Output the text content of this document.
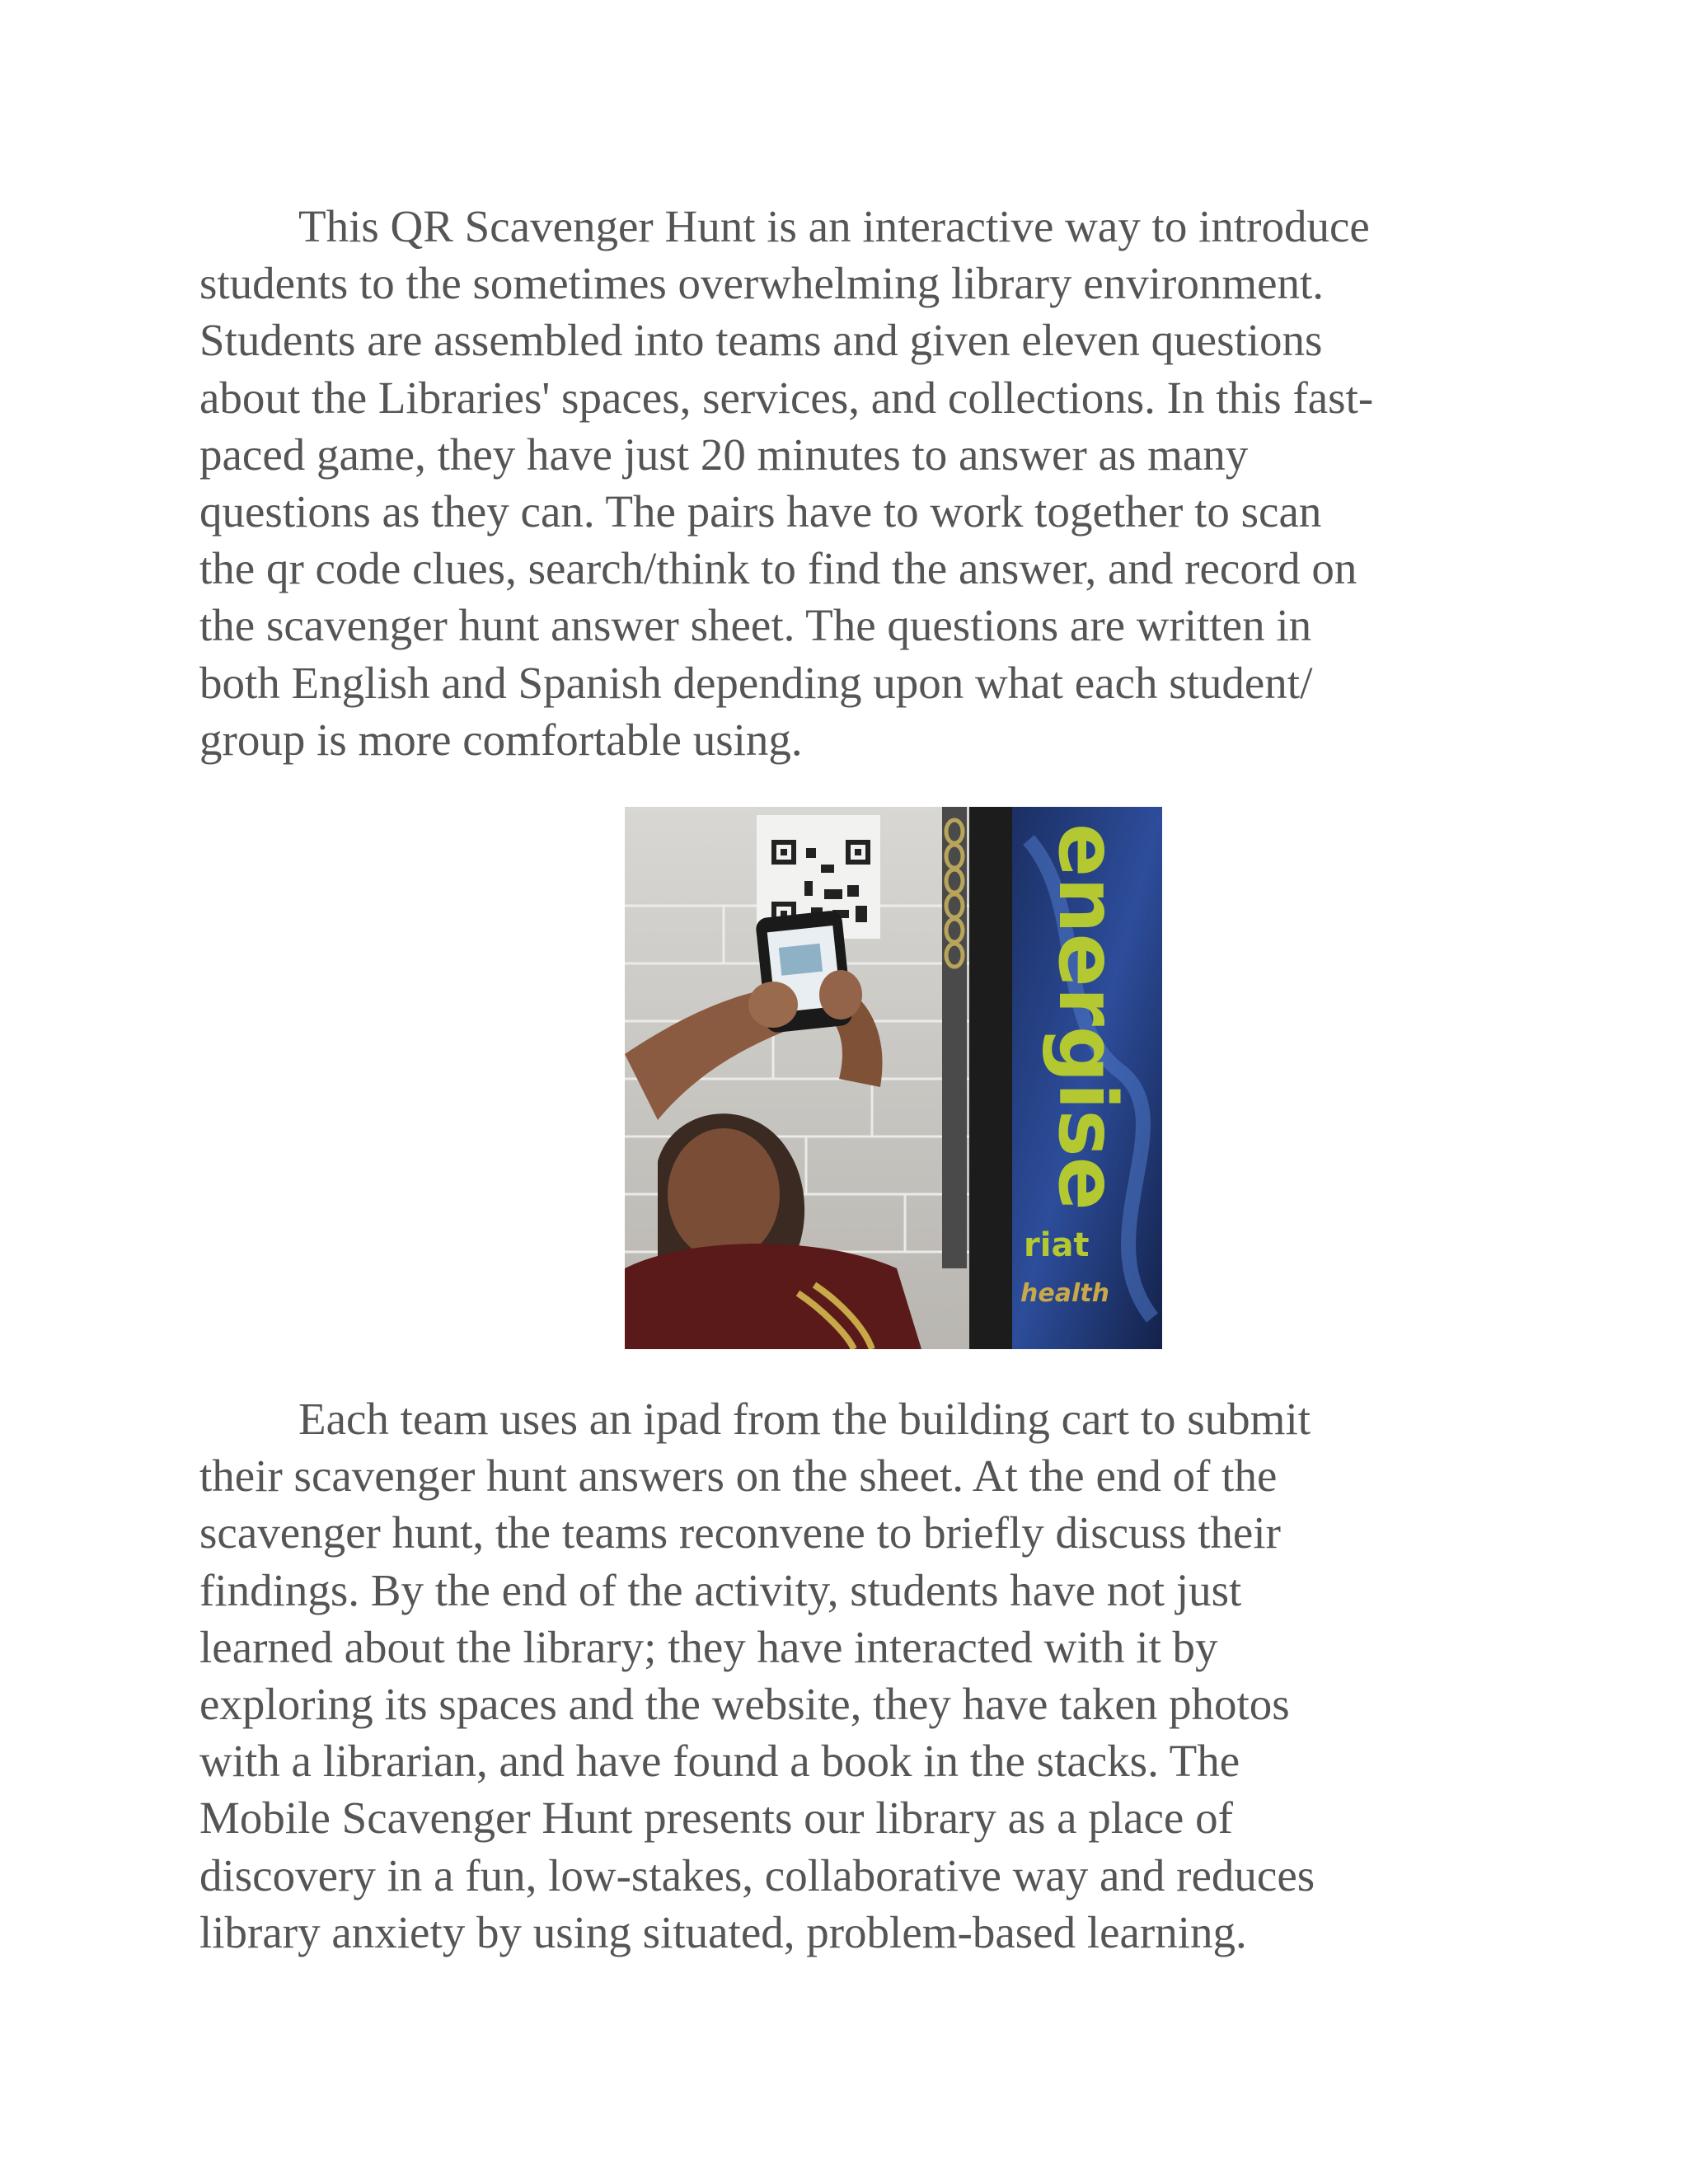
This QR Scavenger Hunt is an interactive way to introduce
students to the sometimes overwhelming library environment.
Students are assembled into teams and given eleven questions
about the Libraries' spaces, services, and collections. In this fast-
paced game, they have just 20 minutes to answer as many
questions as they can. The pairs have to work together to scan
the qr code clues, search/think to find the answer, and record on
the scavenger hunt answer sheet. The questions are written in
both English and Spanish depending upon what each student/
group is more comfortable using.

energise
riat
health

Each team uses an ipad from the building cart to submit
their scavenger hunt answers on the sheet. At the end of the
scavenger hunt, the teams reconvene to briefly discuss their
findings. By the end of the activity, students have not just
learned about the library; they have interacted with it by
exploring its spaces and the website, they have taken photos
with a librarian, and have found a book in the stacks. The
Mobile Scavenger Hunt presents our library as a place of
discovery in a fun, low-stakes, collaborative way and reduces
library anxiety by using situated, problem-based learning.
